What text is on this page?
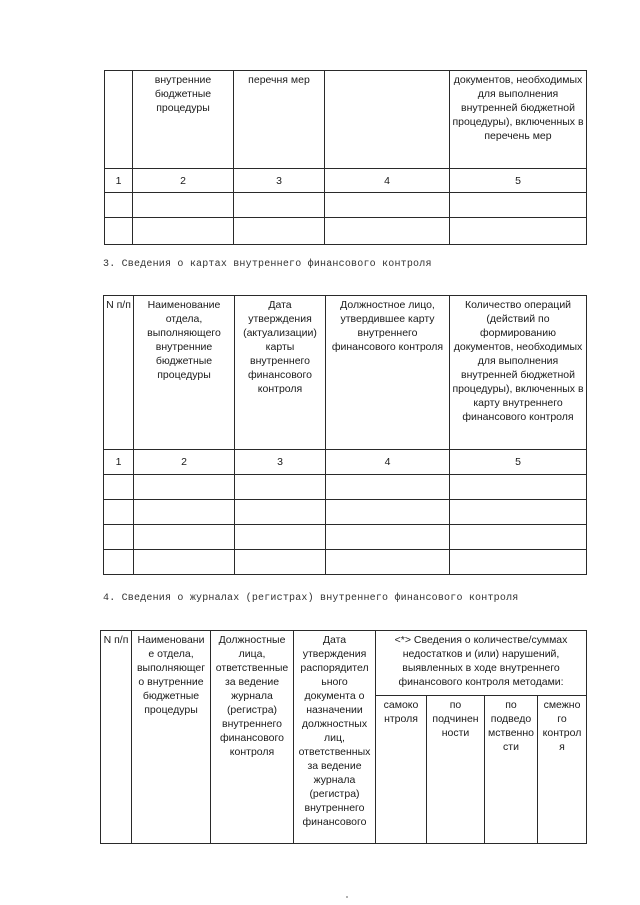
	внутренние бюджетные процедуры	перечня мер		документов, необходимых для выполнения внутренней бюджетной процедуры), включенных в перечень мер
1	2	3	4	5

3. Сведения о картах внутреннего финансового контроля
N п/п	Наименование отдела, выполняющего внутренние бюджетные процедуры	Дата утверждения (актуализации) карты внутреннего финансового контроля	Должностное лицо, утвердившее карту внутреннего финансового контроля	Количество операций (действий по формированию документов, необходимых для выполнения внутренней бюджетной процедуры), включенных в карту внутреннего финансового контроля
1	2	3	4	5

4. Сведения о журналах (регистрах) внутреннего финансового контроля
N п/п	Наименовани е отдела, выполняющег о внутренние бюджетные процедуры	Должностные лица, ответственные за ведение журнала (регистра) внутреннего финансового контроля	Дата утверждения распорядител ьного документа о назначении должностных лиц, ответственных за ведение журнала (регистра) внутреннего финансового	<*> Сведения о количестве/суммах недостатков и (или) нарушений, выявленных в ходе внутреннего финансового контроля методами:			
				самоко нтроля	по подчинен ности	по подведо мственно сти	смежно го контрол я
